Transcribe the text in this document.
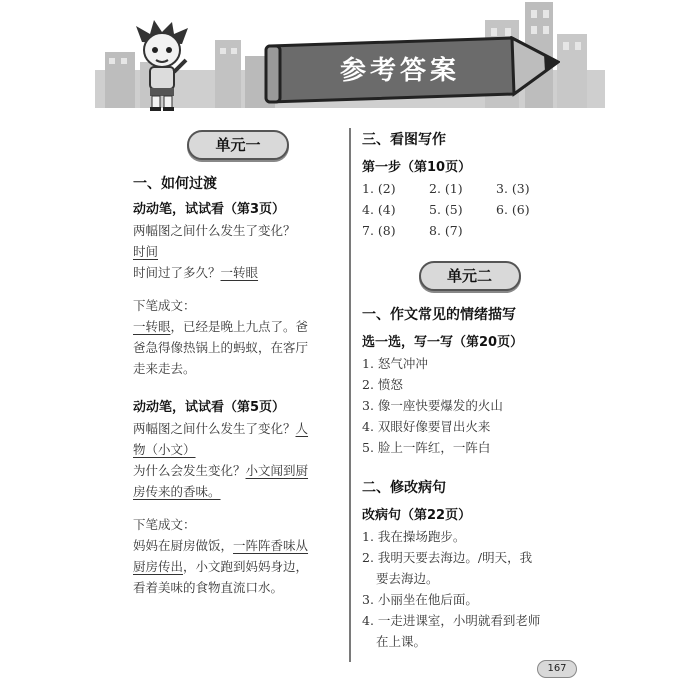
参考答案
单元一
一、如何过渡
动动笔，试试看（第3页）
两幅图之间什么发生了变化？
时间
时间过了多久？一转眼
下笔成文：
一转眼，已经是晚上九点了。爸
爸急得像热锅上的蚂蚁，在客厅
走来走去。
动动笔，试试看（第5页）
两幅图之间什么发生了变化？人
物（小文）
为什么会发生变化？小文闻到厨
房传来的香味。
下笔成文：
妈妈在厨房做饭，一阵阵香味从
厨房传出，小文跑到妈妈身边，
看着美味的食物直流口水。
三、看图写作
第一步（第10页）
1. (2)	2. (1)	3. (3)
4. (4)	5. (5)	6. (6)
7. (8)	8. (7)
单元二
一、作文常见的情绪描写
选一选，写一写（第20页）
1. 怒气冲冲
2. 愤怒
3. 像一座快要爆发的火山
4. 双眼好像要冒出火来
5. 脸上一阵红，一阵白
二、修改病句
改病句（第22页）
1. 我在操场跑步。
2. 我明天要去海边。/明天，我
要去海边。
3. 小丽坐在他后面。
4. 一走进课室，小明就看到老师
在上课。
167
